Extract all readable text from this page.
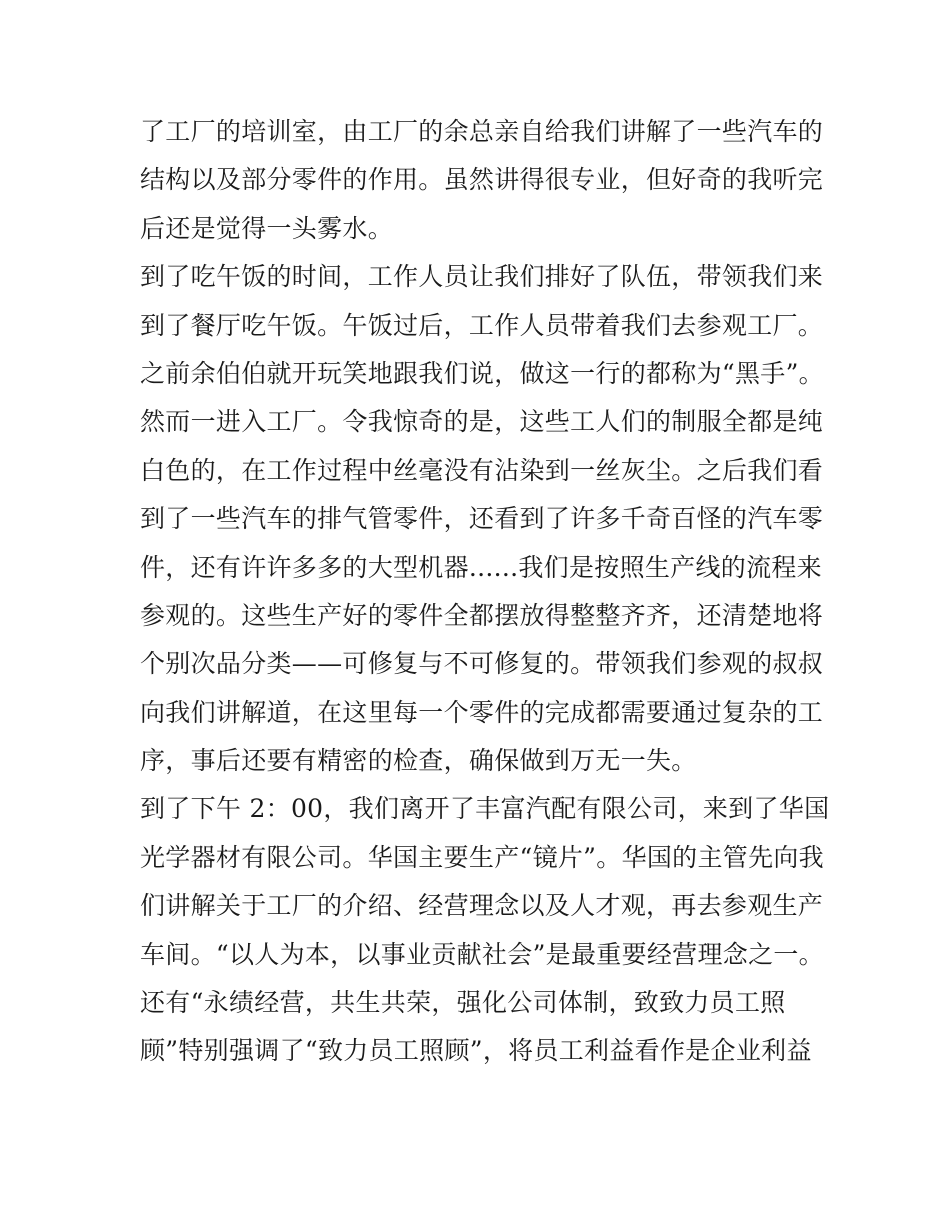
了工厂的培训室，由工厂的余总亲自给我们讲解了一些汽车的
结构以及部分零件的作用。虽然讲得很专业，但好奇的我听完
后还是觉得一头雾水。
到了吃午饭的时间，工作人员让我们排好了队伍，带领我们来
到了餐厅吃午饭。午饭过后，工作人员带着我们去参观工厂。
之前余伯伯就开玩笑地跟我们说，做这一行的都称为“黑手”。
然而一进入工厂。令我惊奇的是，这些工人们的制服全都是纯
白色的，在工作过程中丝毫没有沾染到一丝灰尘。之后我们看
到了一些汽车的排气管零件，还看到了许多千奇百怪的汽车零
件，还有许许多多的大型机器......我们是按照生产线的流程来
参观的。这些生产好的零件全都摆放得整整齐齐，还清楚地将
个别次品分类——可修复与不可修复的。带领我们参观的叔叔
向我们讲解道，在这里每一个零件的完成都需要通过复杂的工
序，事后还要有精密的检查，确保做到万无一失。
到了下午 2：00，我们离开了丰富汽配有限公司，来到了华国
光学器材有限公司。华国主要生产“镜片”。华国的主管先向我
们讲解关于工厂的介绍、经营理念以及人才观，再去参观生产
车间。“以人为本，以事业贡献社会”是最重要经营理念之一。
还有“永绩经营，共生共荣，强化公司体制，致致力员工照
顾”特别强调了“致力员工照顾”，将员工利益看作是企业利益
